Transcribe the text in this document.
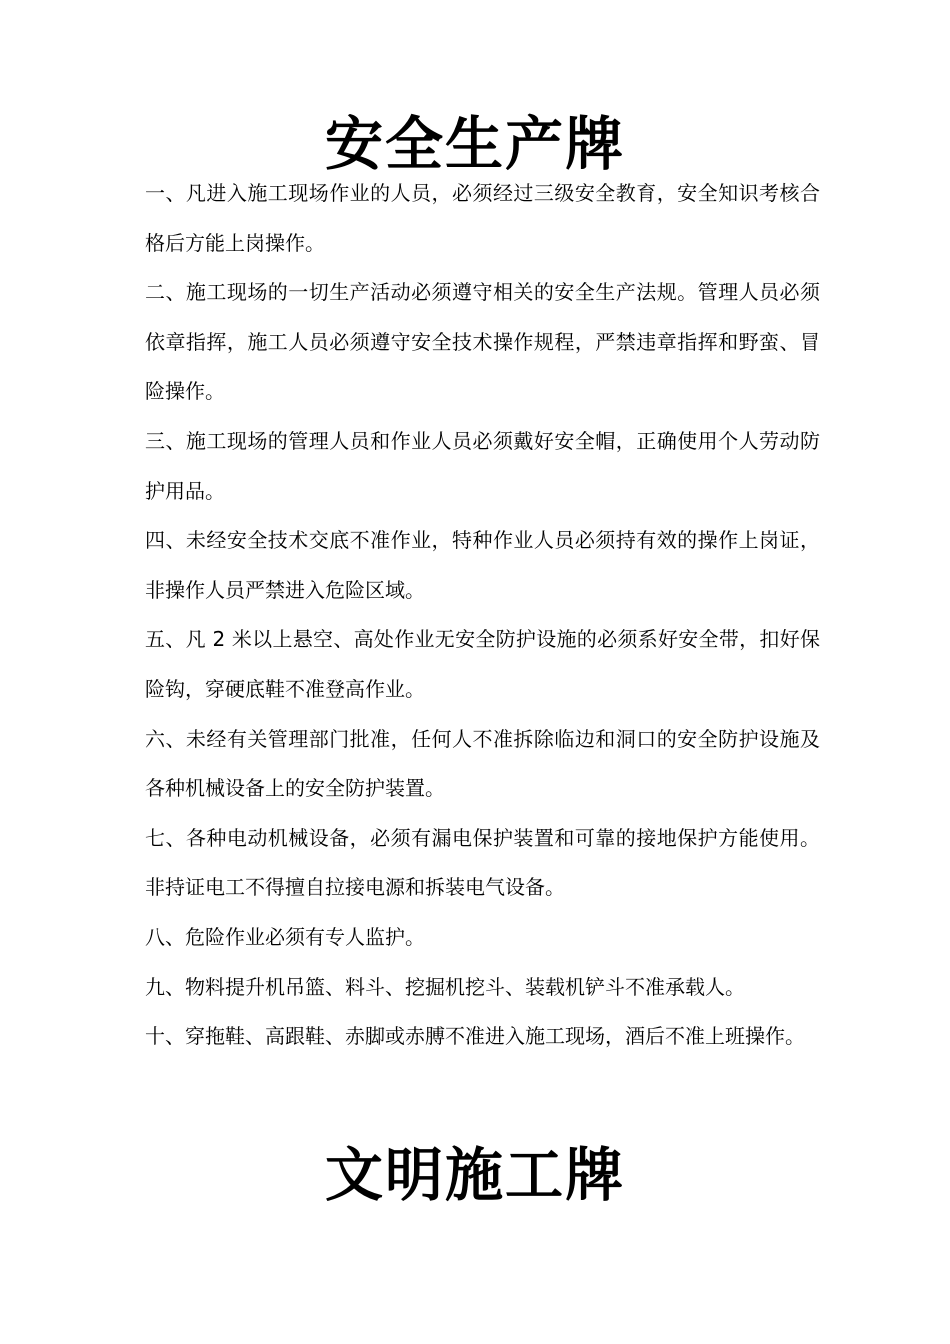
安全生产牌
一、凡进入施工现场作业的人员，必须经过三级安全教育，安全知识考核合格后方能上岗操作。
二、施工现场的一切生产活动必须遵守相关的安全生产法规。管理人员必须依章指挥，施工人员必须遵守安全技术操作规程，严禁违章指挥和野蛮、冒险操作。
三、施工现场的管理人员和作业人员必须戴好安全帽，正确使用个人劳动防护用品。
四、未经安全技术交底不准作业，特种作业人员必须持有效的操作上岗证，非操作人员严禁进入危险区域。
五、凡 2 米以上悬空、高处作业无安全防护设施的必须系好安全带，扣好保险钩，穿硬底鞋不准登高作业。
六、未经有关管理部门批准，任何人不准拆除临边和洞口的安全防护设施及各种机械设备上的安全防护装置。
七、各种电动机械设备，必须有漏电保护装置和可靠的接地保护方能使用。非持证电工不得擅自拉接电源和拆装电气设备。
八、危险作业必须有专人监护。
九、物料提升机吊篮、料斗、挖掘机挖斗、装载机铲斗不准承载人。
十、穿拖鞋、高跟鞋、赤脚或赤膊不准进入施工现场，酒后不准上班操作。
文明施工牌
